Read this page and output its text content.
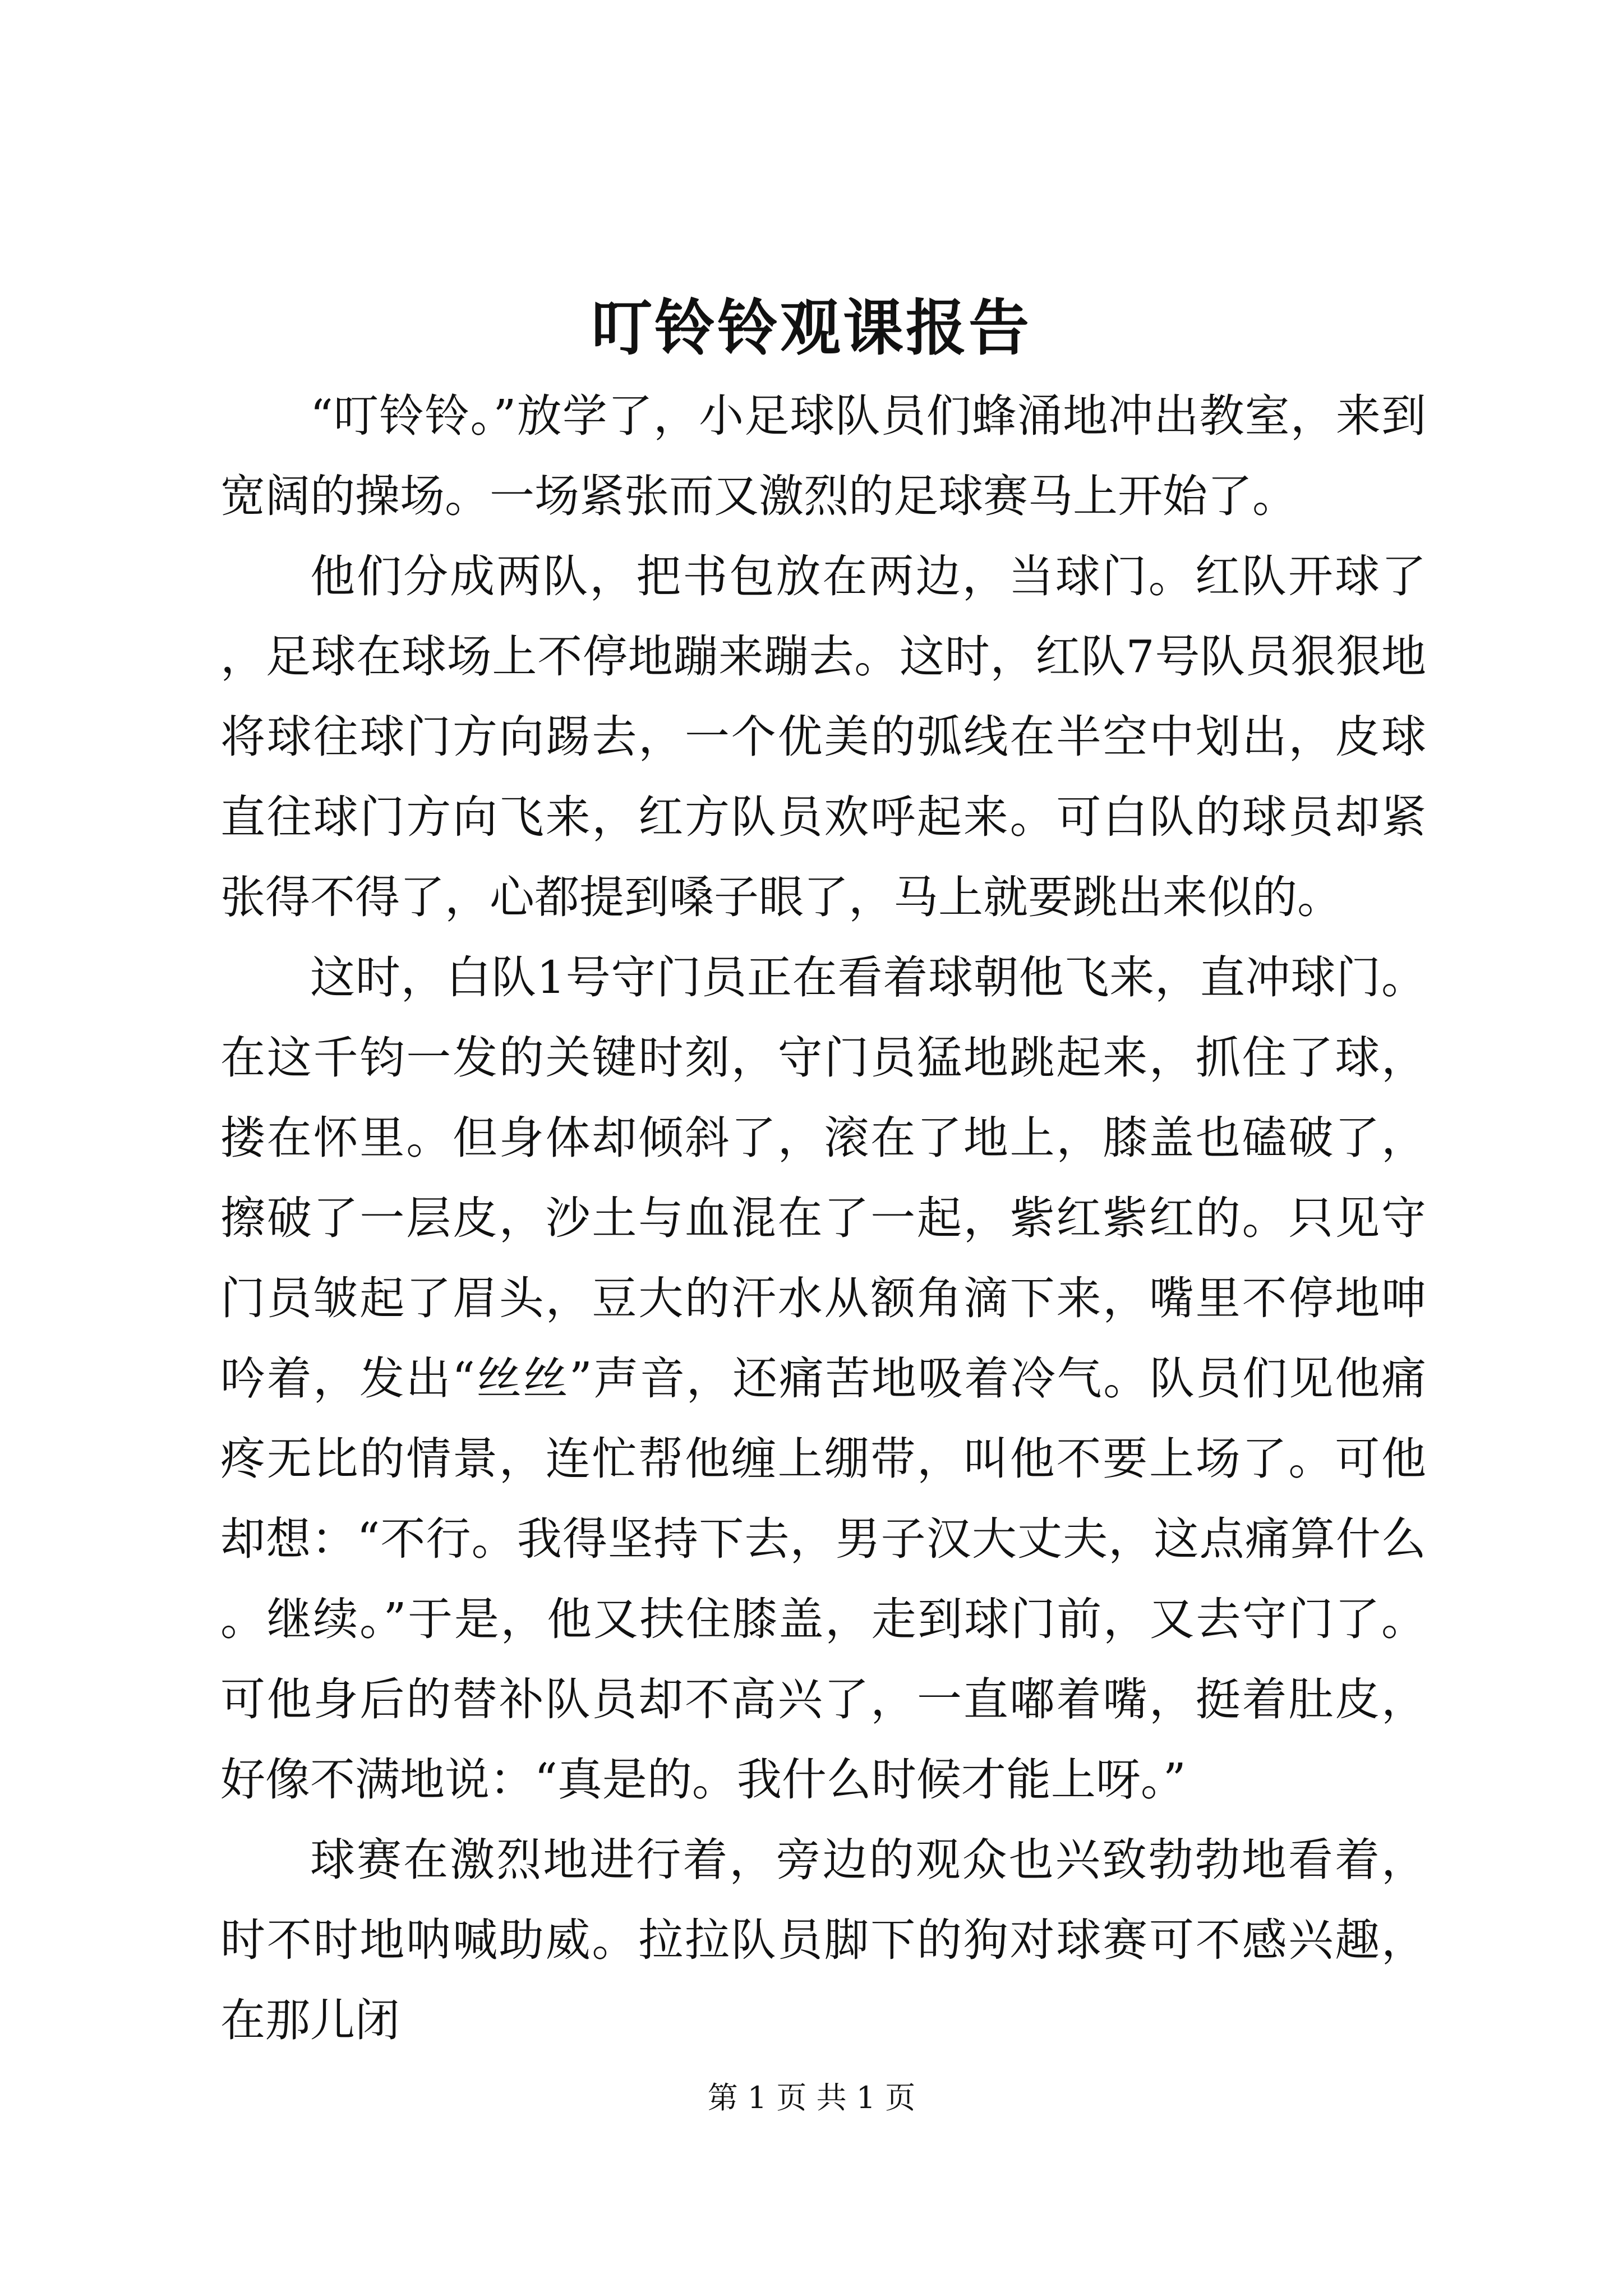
叮铃铃观课报告

“叮铃铃。”放学了，小足球队员们蜂涌地冲出教室，来到宽阔的操场。一场紧张而又激烈的足球赛马上开始了。

他们分成两队，把书包放在两边，当球门。红队开球了，足球在球场上不停地蹦来蹦去。这时，红队7号队员狠狠地将球往球门方向踢去，一个优美的弧线在半空中划出，皮球直往球门方向飞来，红方队员欢呼起来。可白队的球员却紧张得不得了，心都提到嗓子眼了，马上就要跳出来似的。

这时，白队1号守门员正在看着球朝他飞来，直冲球门。在这千钧一发的关键时刻，守门员猛地跳起来，抓住了球，搂在怀里。但身体却倾斜了，滚在了地上，膝盖也磕破了，擦破了一层皮，沙土与血混在了一起，紫红紫红的。只见守门员皱起了眉头，豆大的汗水从额角滴下来，嘴里不停地呻吟着，发出“丝丝”声音，还痛苦地吸着冷气。队员们见他痛疼无比的情景，连忙帮他缠上绷带，叫他不要上场了。可他却想：“不行。我得坚持下去，男子汉大丈夫，这点痛算什么。继续。”于是，他又扶住膝盖，走到球门前，又去守门了。可他身后的替补队员却不高兴了，一直嘟着嘴，挺着肚皮，好像不满地说：“真是的。我什么时候才能上呀。”

球赛在激烈地进行着，旁边的观众也兴致勃勃地看着，时不时地呐喊助威。拉拉队员脚下的狗对球赛可不感兴趣，在那儿闭

第 1 页 共 1 页
